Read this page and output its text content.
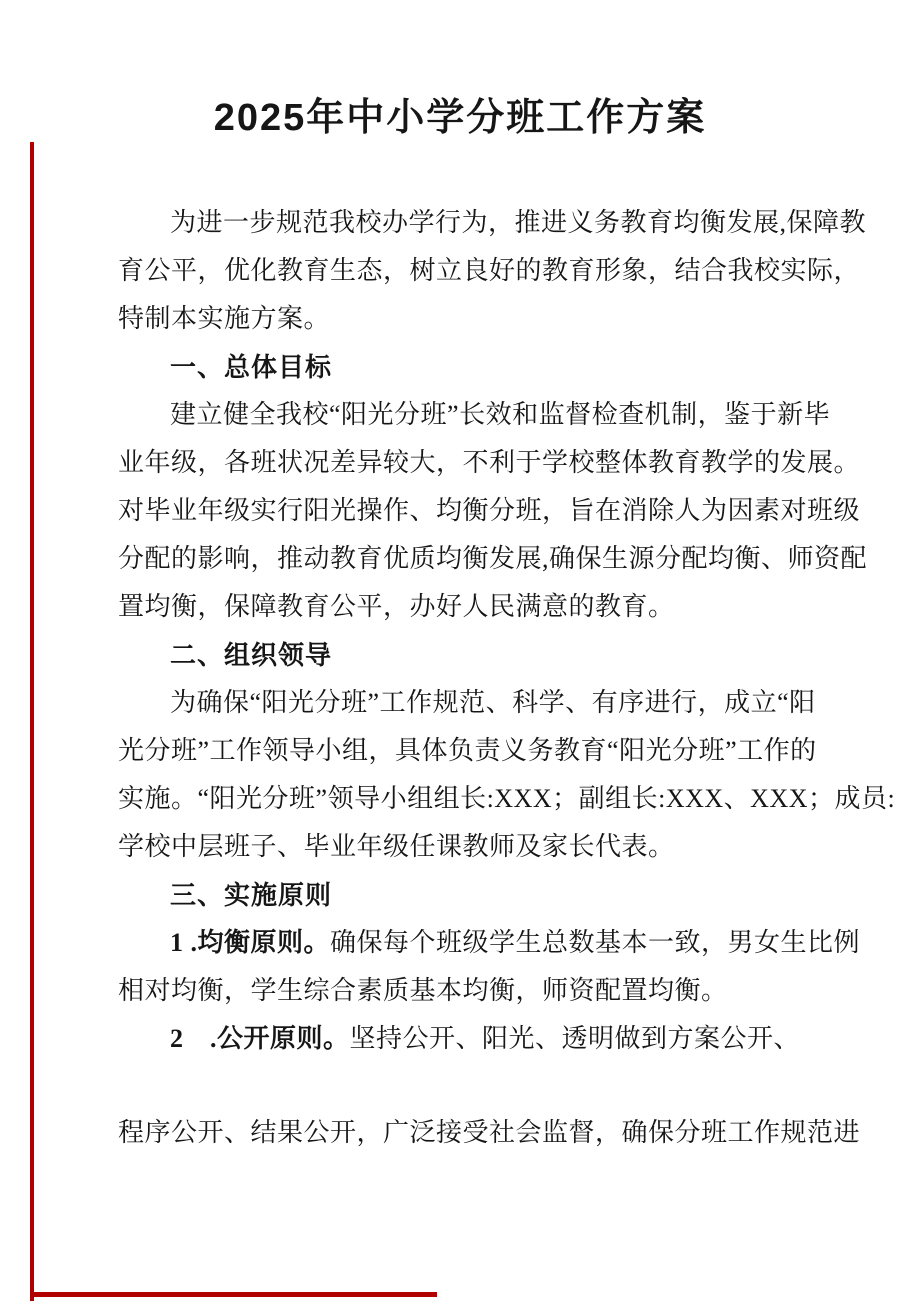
2025年中小学分班工作方案
为进一步规范我校办学行为，推进义务教育均衡发展,保障教
育公平，优化教育生态，树立良好的教育形象，结合我校实际，
特制本实施方案。
一、总体目标
建立健全我校“阳光分班”长效和监督检查机制，鉴于新毕
业年级，各班状况差异较大，不利于学校整体教育教学的发展。
对毕业年级实行阳光操作、均衡分班，旨在消除人为因素对班级
分配的影响，推动教育优质均衡发展,确保生源分配均衡、师资配
置均衡，保障教育公平，办好人民满意的教育。
二、组织领导
为确保“阳光分班”工作规范、科学、有序进行，成立“阳
光分班”工作领导小组，具体负责义务教育“阳光分班”工作的
实施。“阳光分班”领导小组组长:XXX；副组长:XXX、XXX；成员:
学校中层班子、毕业年级任课教师及家长代表。
三、实施原则
1 .均衡原则。确保每个班级学生总数基本一致，男女生比例
相对均衡，学生综合素质基本均衡，师资配置均衡。
2　.公开原则。坚持公开、阳光、透明做到方案公开、
程序公开、结果公开，广泛接受社会监督，确保分班工作规范进
